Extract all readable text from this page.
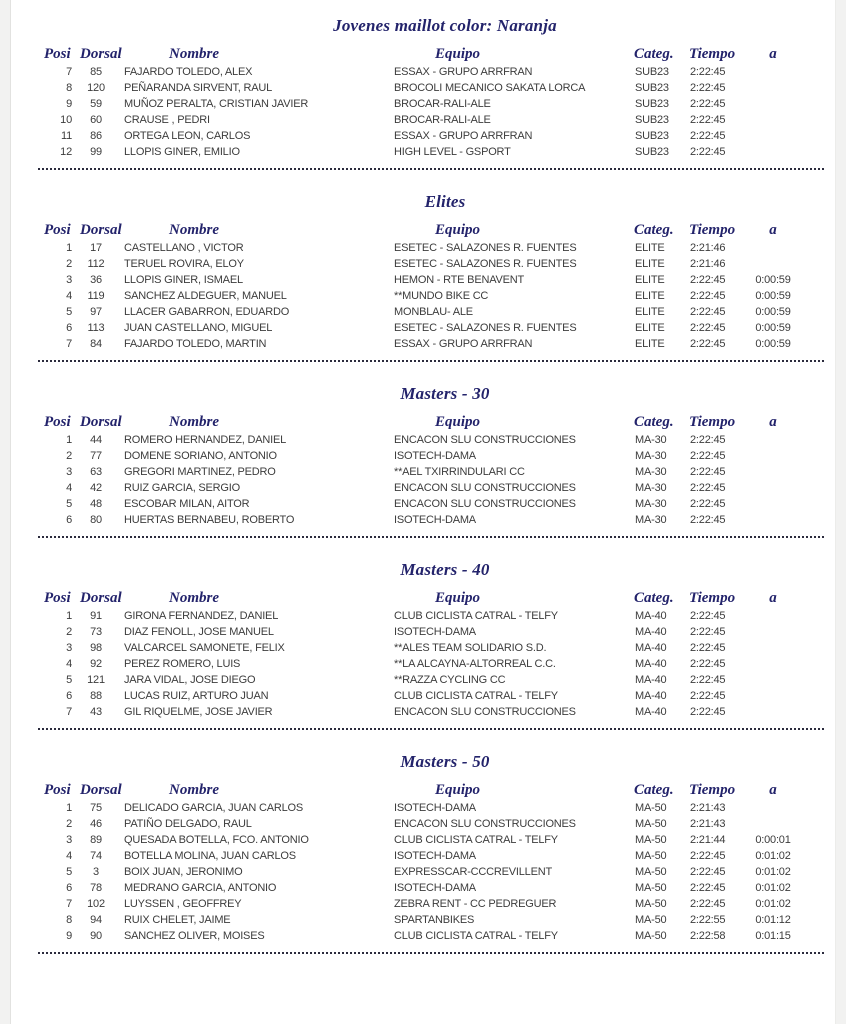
Jovenes maillot color: Naranja
Posi Dorsal	Nombre	Equipo	Categ.	Tiempo	a
7	85	FAJARDO TOLEDO, ALEX	ESSAX - GRUPO ARRFRAN	SUB23	2:22:45
8	120	PEÑARANDA SIRVENT, RAUL	BROCOLI MECANICO SAKATA LORCA	SUB23	2:22:45
9	59	MUÑOZ PERALTA, CRISTIAN JAVIER	BROCAR-RALI-ALE	SUB23	2:22:45
10	60	CRAUSE , PEDRI	BROCAR-RALI-ALE	SUB23	2:22:45
11	86	ORTEGA LEON, CARLOS	ESSAX - GRUPO ARRFRAN	SUB23	2:22:45
12	99	LLOPIS GINER, EMILIO	HIGH LEVEL - GSPORT	SUB23	2:22:45
Elites
Posi Dorsal	Nombre	Equipo	Categ.	Tiempo	a
1	17	CASTELLANO , VICTOR	ESETEC - SALAZONES R. FUENTES	ELITE	2:21:46
2	112	TERUEL ROVIRA, ELOY	ESETEC - SALAZONES R. FUENTES	ELITE	2:21:46
3	36	LLOPIS GINER, ISMAEL	HEMON - RTE BENAVENT	ELITE	2:22:45	0:00:59
4	119	SANCHEZ ALDEGUER, MANUEL	**MUNDO BIKE CC	ELITE	2:22:45	0:00:59
5	97	LLACER GABARRON, EDUARDO	MONBLAU- ALE	ELITE	2:22:45	0:00:59
6	113	JUAN CASTELLANO, MIGUEL	ESETEC - SALAZONES R. FUENTES	ELITE	2:22:45	0:00:59
7	84	FAJARDO TOLEDO, MARTIN	ESSAX - GRUPO ARRFRAN	ELITE	2:22:45	0:00:59
Masters - 30
Posi Dorsal	Nombre	Equipo	Categ.	Tiempo	a
1	44	ROMERO HERNANDEZ, DANIEL	ENCACON SLU CONSTRUCCIONES	MA-30	2:22:45
2	77	DOMENE SORIANO, ANTONIO	ISOTECH-DAMA	MA-30	2:22:45
3	63	GREGORI MARTINEZ, PEDRO	**AEL TXIRRINDULARI CC	MA-30	2:22:45
4	42	RUIZ GARCIA, SERGIO	ENCACON SLU CONSTRUCCIONES	MA-30	2:22:45
5	48	ESCOBAR MILAN, AITOR	ENCACON SLU CONSTRUCCIONES	MA-30	2:22:45
6	80	HUERTAS BERNABEU, ROBERTO	ISOTECH-DAMA	MA-30	2:22:45
Masters - 40
Posi Dorsal	Nombre	Equipo	Categ.	Tiempo	a
1	91	GIRONA FERNANDEZ, DANIEL	CLUB CICLISTA CATRAL - TELFY	MA-40	2:22:45
2	73	DIAZ FENOLL, JOSE MANUEL	ISOTECH-DAMA	MA-40	2:22:45
3	98	VALCARCEL SAMONETE, FELIX	**ALES TEAM SOLIDARIO S.D.	MA-40	2:22:45
4	92	PEREZ ROMERO, LUIS	**LA ALCAYNA-ALTORREAL C.C.	MA-40	2:22:45
5	121	JARA VIDAL, JOSE DIEGO	**RAZZA CYCLING CC	MA-40	2:22:45
6	88	LUCAS RUIZ, ARTURO JUAN	CLUB CICLISTA CATRAL - TELFY	MA-40	2:22:45
7	43	GIL RIQUELME, JOSE JAVIER	ENCACON SLU CONSTRUCCIONES	MA-40	2:22:45
Masters - 50
Posi Dorsal	Nombre	Equipo	Categ.	Tiempo	a
1	75	DELICADO GARCIA, JUAN CARLOS	ISOTECH-DAMA	MA-50	2:21:43
2	46	PATIÑO DELGADO, RAUL	ENCACON SLU CONSTRUCCIONES	MA-50	2:21:43
3	89	QUESADA BOTELLA, FCO. ANTONIO	CLUB CICLISTA CATRAL - TELFY	MA-50	2:21:44	0:00:01
4	74	BOTELLA MOLINA, JUAN CARLOS	ISOTECH-DAMA	MA-50	2:22:45	0:01:02
5	3	BOIX JUAN, JERONIMO	EXPRESSCAR-CCCREVILLENT	MA-50	2:22:45	0:01:02
6	78	MEDRANO GARCIA, ANTONIO	ISOTECH-DAMA	MA-50	2:22:45	0:01:02
7	102	LUYSSEN , GEOFFREY	ZEBRA RENT - CC PEDREGUER	MA-50	2:22:45	0:01:02
8	94	RUIX CHELET, JAIME	SPARTANBIKES	MA-50	2:22:55	0:01:12
9	90	SANCHEZ OLIVER, MOISES	CLUB CICLISTA CATRAL - TELFY	MA-50	2:22:58	0:01:15
